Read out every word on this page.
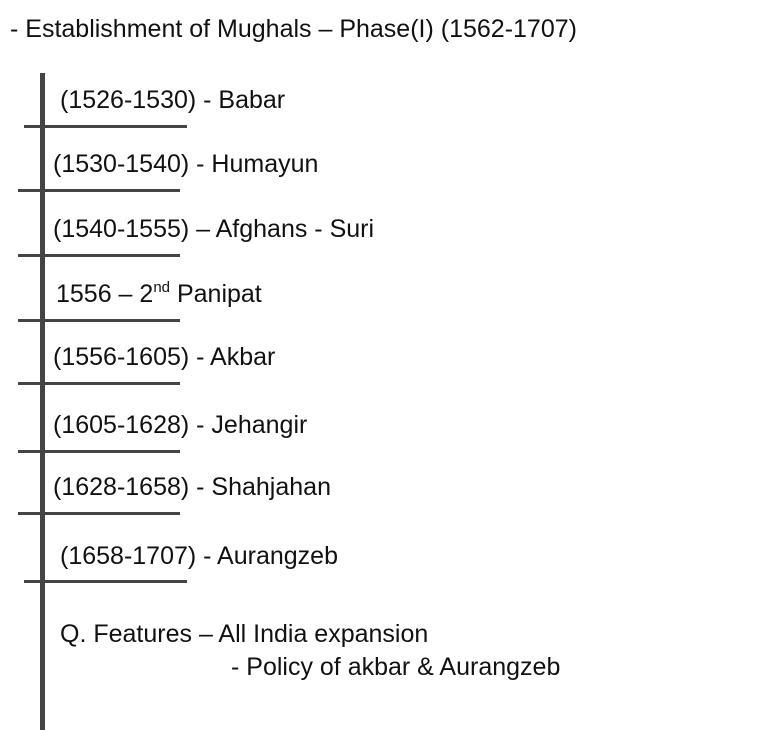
- Establishment of Mughals – Phase(I) (1562-1707)
(1526-1530) - Babar
(1530-1540) - Humayun
(1540-1555) – Afghans - Suri
1556 – 2nd Panipat
(1556-1605) - Akbar
(1605-1628) - Jehangir
(1628-1658) - Shahjahan
(1658-1707) - Aurangzeb
Q. Features – All India expansion
- Policy of akbar & Aurangzeb
